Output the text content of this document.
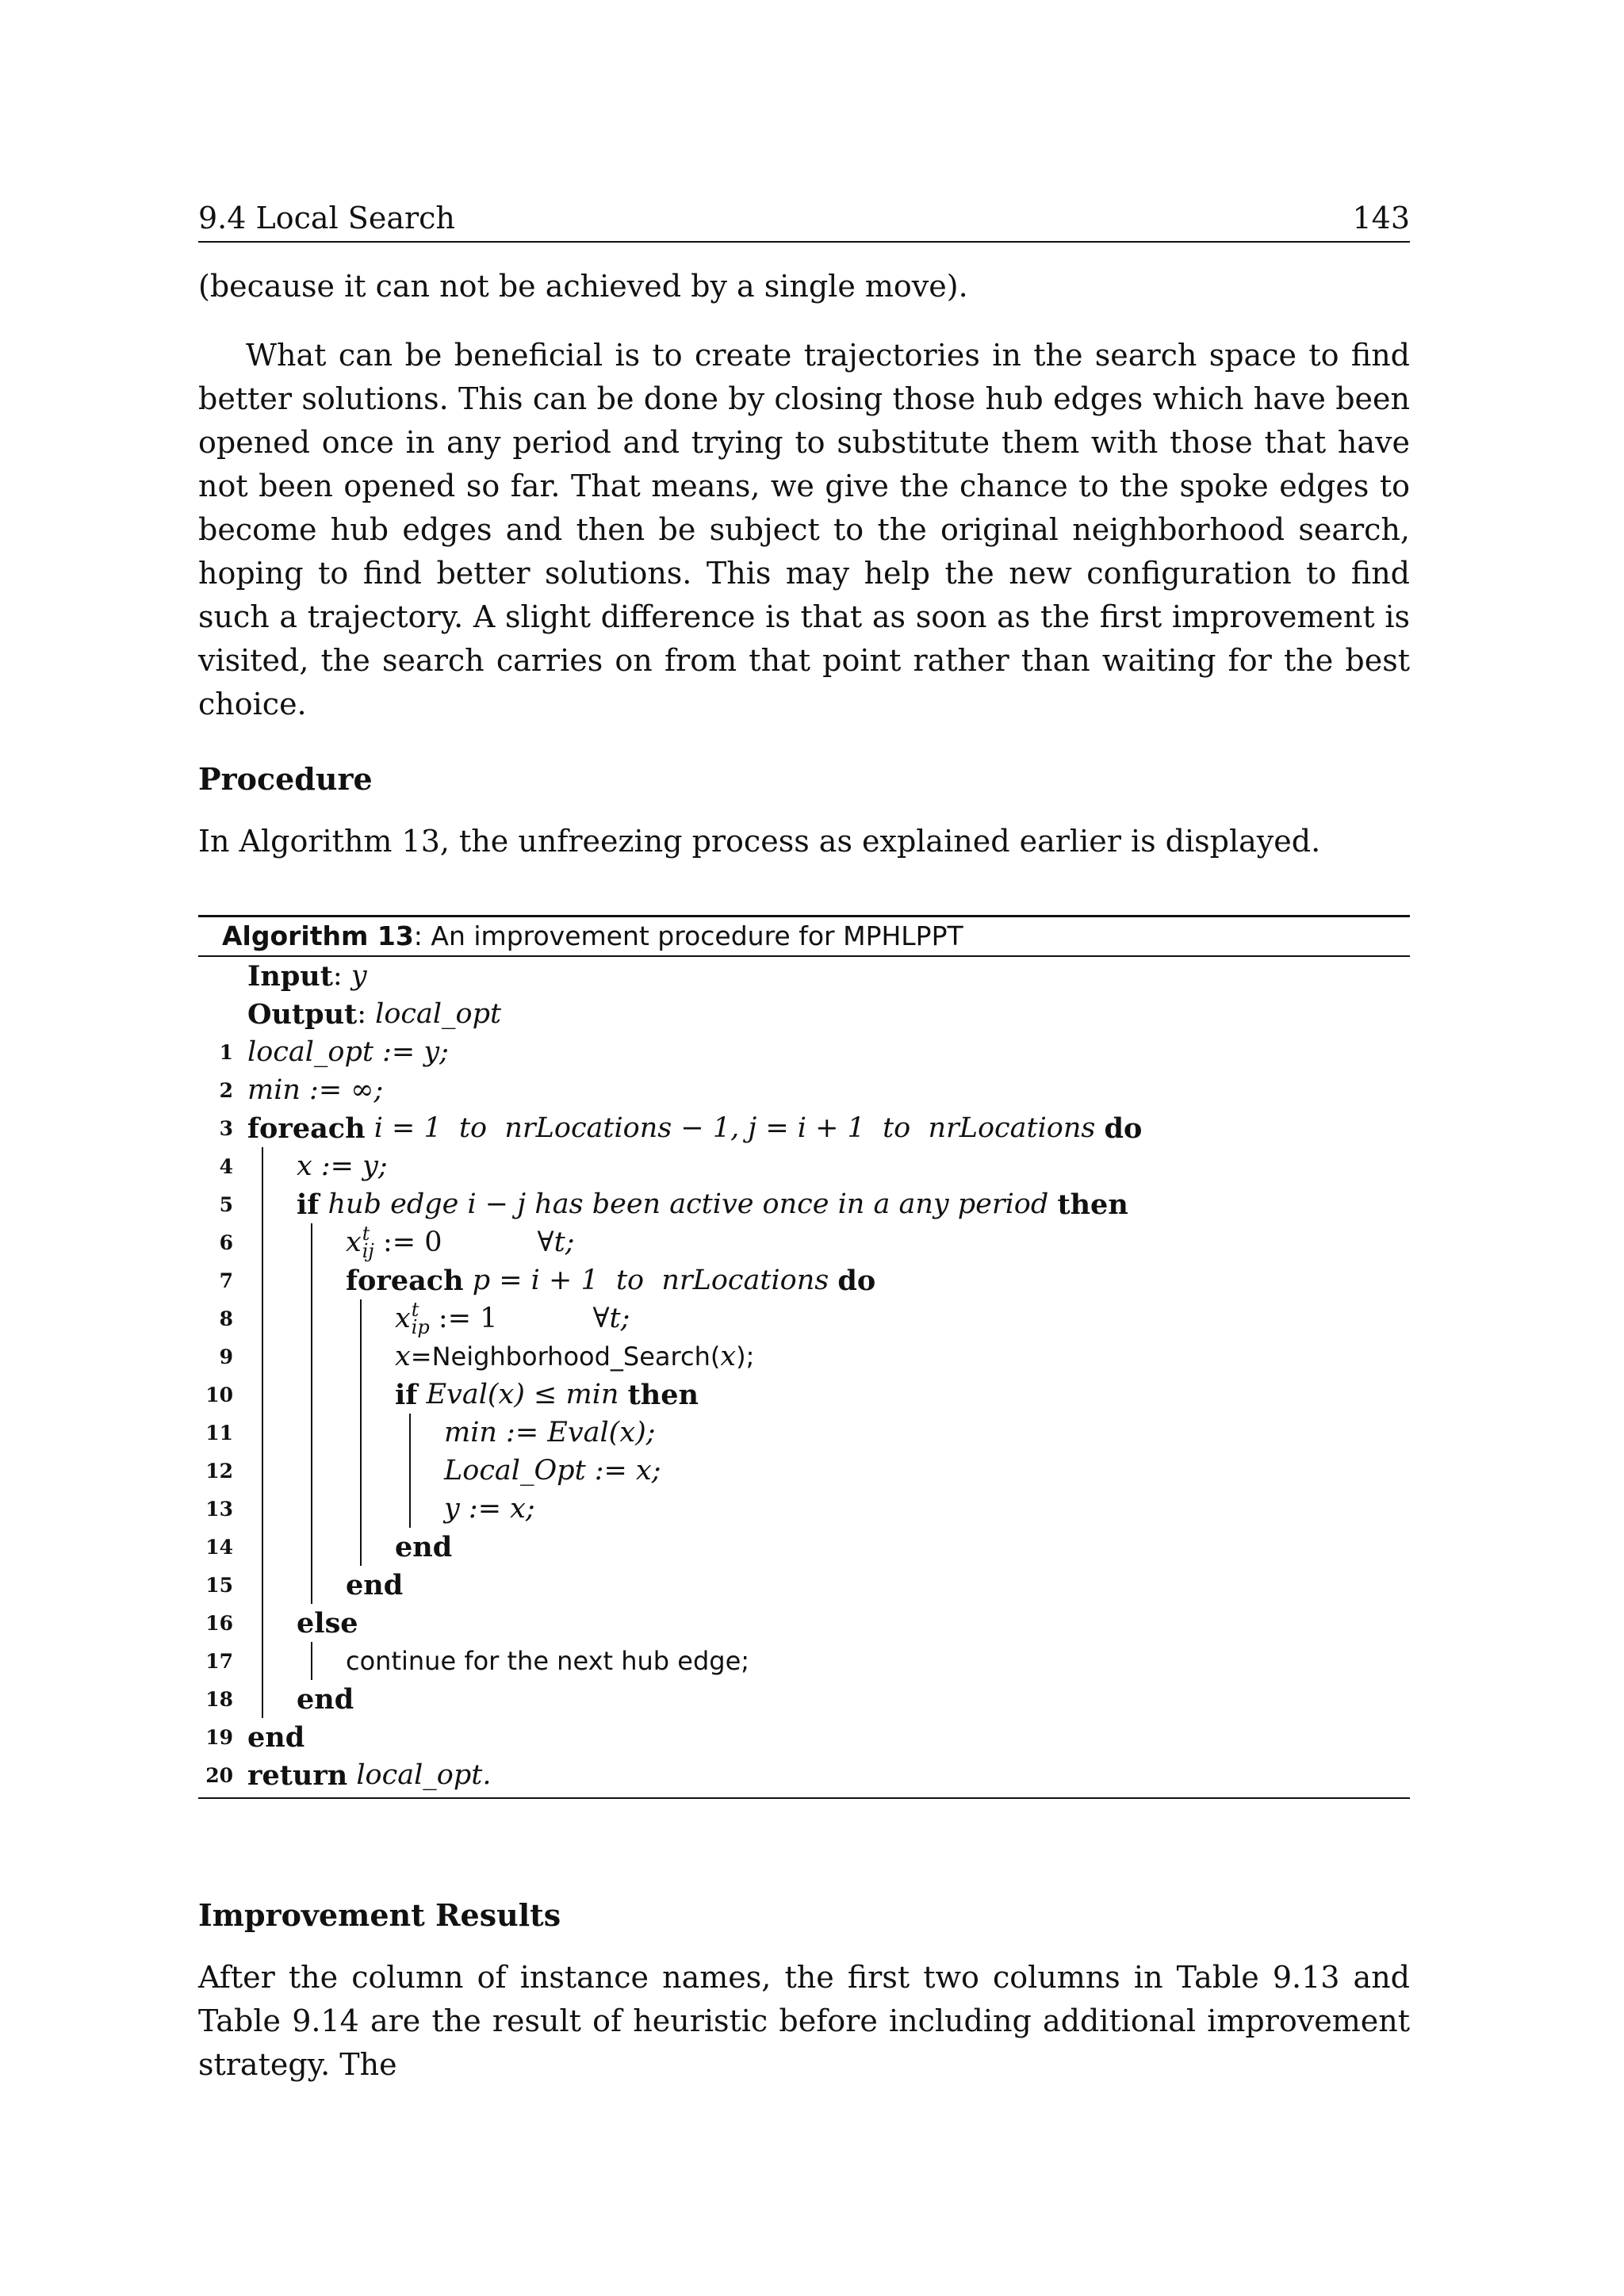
9.4 Local Search	143

(because it can not be achieved by a single move).

What can be beneficial is to create trajectories in the search space to find better solutions. This can be done by closing those hub edges which have been opened once in any period and trying to substitute them with those that have not been opened so far. That means, we give the chance to the spoke edges to become hub edges and then be subject to the original neighborhood search, hoping to find better solutions. This may help the new configuration to find such a trajectory. A slight difference is that as soon as the first improvement is visited, the search carries on from that point rather than waiting for the best choice.

Procedure

In Algorithm 13, the unfreezing process as explained earlier is displayed.

Algorithm 13: An improvement procedure for MPHLPPT
Input : y
Output : local_opt
1 local_opt := y;
2 min := ∞;
3 foreach
i = 1  to  nrLocations − 1, j = i + 1  to  nrLocations
do
4 x := y;
5 if
hub edge i − j has been active once in a any period
then
6	x t
ij := 0	∀t;
7	foreach
p = i + 1  to  nrLocations
do
8	x t
ip := 1	∀t;
9	x =Neighborhood_Search( x );
10	if
Eval(x) ≤ min
then
11	min := Eval(x);
12	Local_Opt := x;
13	y := x;
14	end
15	end
16 else
17	continue for the next hub edge;
18 end
19 end
20 return
local_opt.

Improvement Results

After the column of instance names, the first two columns in Table 9.13 and Table 9.14 are the result of heuristic before including additional improvement strategy. The
